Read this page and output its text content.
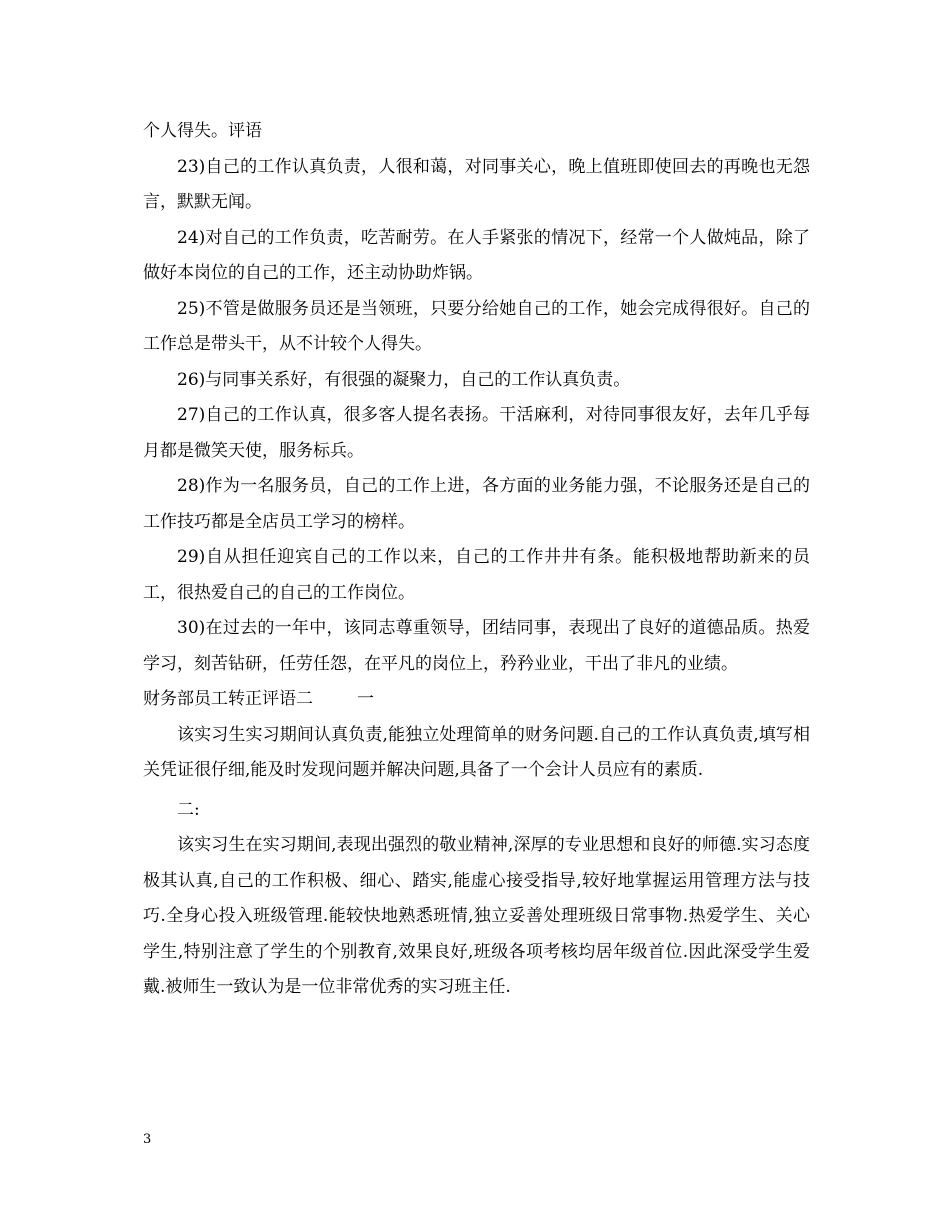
个人得失。评语

23)自己的工作认真负责，人很和蔼，对同事关心，晚上值班即使回去的再晚也无怨言，默默无闻。

24)对自己的工作负责，吃苦耐劳。在人手紧张的情况下，经常一个人做炖品，除了做好本岗位的自己的工作，还主动协助炸锅。

25)不管是做服务员还是当领班，只要分给她自己的工作，她会完成得很好。自己的工作总是带头干，从不计较个人得失。

26)与同事关系好，有很强的凝聚力，自己的工作认真负责。

27)自己的工作认真，很多客人提名表扬。干活麻利，对待同事很友好，去年几乎每月都是微笑天使，服务标兵。

28)作为一名服务员，自己的工作上进，各方面的业务能力强，不论服务还是自己的工作技巧都是全店员工学习的榜样。

29)自从担任迎宾自己的工作以来，自己的工作井井有条。能积极地帮助新来的员工，很热爱自己的自己的工作岗位。

30)在过去的一年中，该同志尊重领导，团结同事，表现出了良好的道德品质。热爱学习，刻苦钻研，任劳任怨，在平凡的岗位上，矜矜业业，干出了非凡的业绩。

财务部员工转正评语二	一

该实习生实习期间认真负责,能独立处理简单的财务问题.自己的工作认真负责,填写相关凭证很仔细,能及时发现问题并解决问题,具备了一个会计人员应有的素质.

二:

该实习生在实习期间,表现出强烈的敬业精神,深厚的专业思想和良好的师德.实习态度极其认真,自己的工作积极、细心、踏实,能虚心接受指导,较好地掌握运用管理方法与技巧.全身心投入班级管理.能较快地熟悉班情,独立妥善处理班级日常事物.热爱学生、关心学生,特别注意了学生的个别教育,效果良好,班级各项考核均居年级首位.因此深受学生爱戴.被师生一致认为是一位非常优秀的实习班主任.

3
